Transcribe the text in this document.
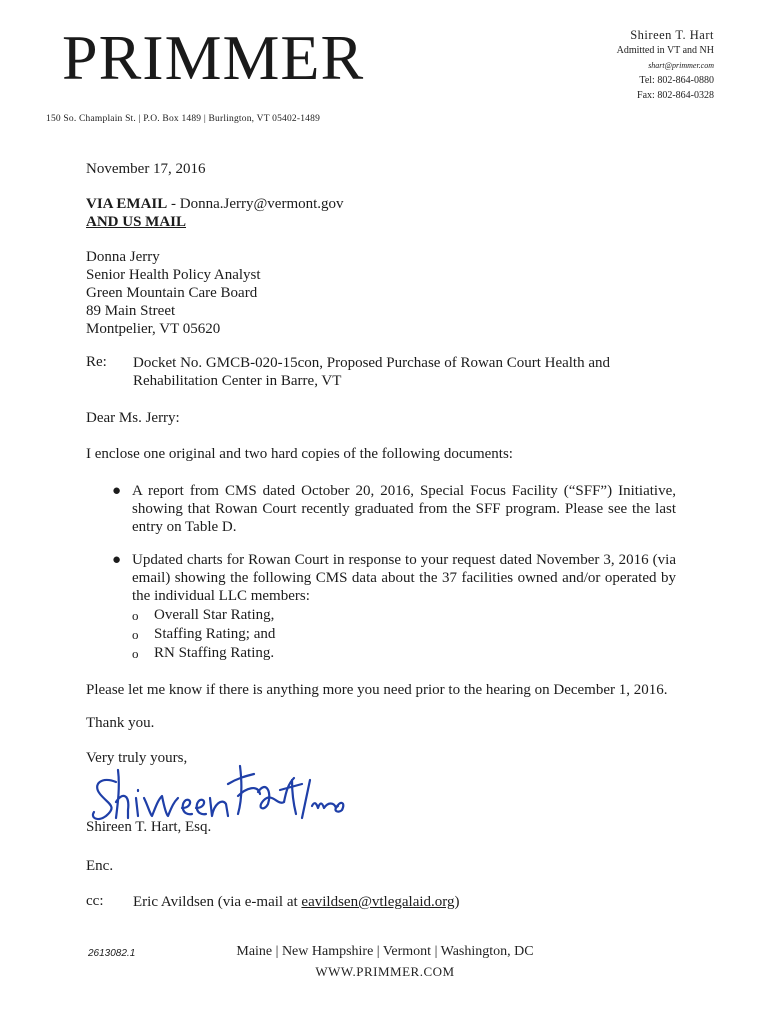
PRIMMER
150 So. Champlain St. | P.O. Box 1489 | Burlington, VT 05402-1489
Shireen T. Hart
Admitted in VT and NH
shart@primmer.com
Tel: 802-864-0880
Fax: 802-864-0328
November 17, 2016
VIA EMAIL - Donna.Jerry@vermont.gov
AND US MAIL
Donna Jerry
Senior Health Policy Analyst
Green Mountain Care Board
89 Main Street
Montpelier, VT 05620
Re: Docket No. GMCB-020-15con, Proposed Purchase of Rowan Court Health and Rehabilitation Center in Barre, VT
Dear Ms. Jerry:
I enclose one original and two hard copies of the following documents:
● A report from CMS dated October 20, 2016, Special Focus Facility (“SFF”) Initiative, showing that Rowan Court recently graduated from the SFF program. Please see the last entry on Table D.
● Updated charts for Rowan Court in response to your request dated November 3, 2016 (via email) showing the following CMS data about the 37 facilities owned and/or operated by the individual LLC members:
o Overall Star Rating,
o Staffing Rating; and
o RN Staffing Rating.
Please let me know if there is anything more you need prior to the hearing on December 1, 2016.
Thank you.
Very truly yours,
Shireen T. Hart, Esq.
Enc.
cc: Eric Avildsen (via e-mail at eavildsen@vtlegalaid.org)
2613082.1	Maine | New Hampshire | Vermont | Washington, DC
WWW.PRIMMER.COM
